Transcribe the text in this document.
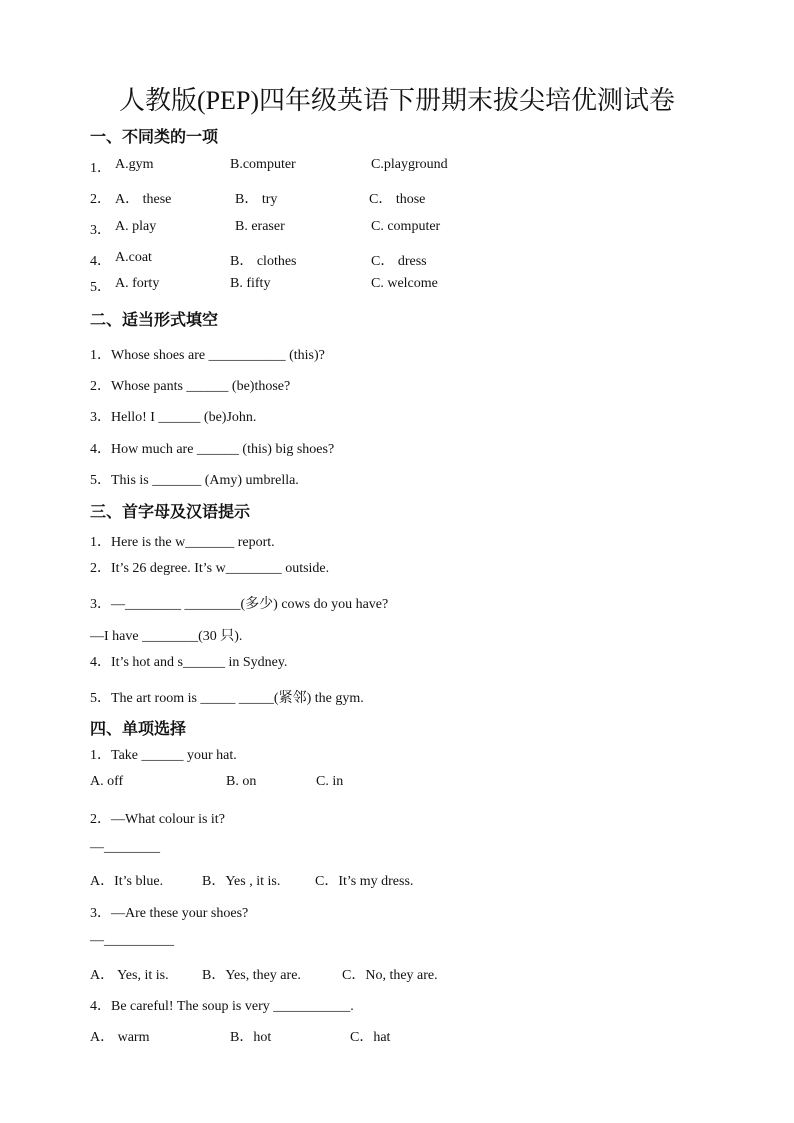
人教版(PEP)四年级英语下册期末拔尖培优测试卷
一、不同类的一项
1． A.gym	B.computer	C.playground
2． A． these	B． try	C． those
3． A. play	B. eraser	C. computer
4． A.coat	B． clothes	C． dress
5． A. forty	B. fifty	C. welcome
二、适当形式填空
1．Whose shoes are ___________ (this)?
2．Whose pants ______ (be)those?
3．Hello! I ______ (be)John.
4．How much are ______ (this) big shoes?
5．This is _______ (Amy) umbrella.
三、首字母及汉语提示
1．Here is the w_______ report.
2．It’s 26 degree. It’s w________ outside.
3．—________ ________(多少) cows do you have?
—I have ________(30 只).
4．It’s hot and s______ in Sydney.
5．The art room is _____ _____(紧邻) the gym.
四、单项选择
1．Take ______ your hat.
A. off	B. on	C. in
2．—What colour is it?
—________
A．It’s blue.	B．Yes , it is. C．It’s my dress.
3．—Are these your shoes?
—__________
A． Yes, it is. B．Yes, they are.	C．No, they are.
4．Be careful! The soup is very ___________.
A． warm	B．hot	C．hat
